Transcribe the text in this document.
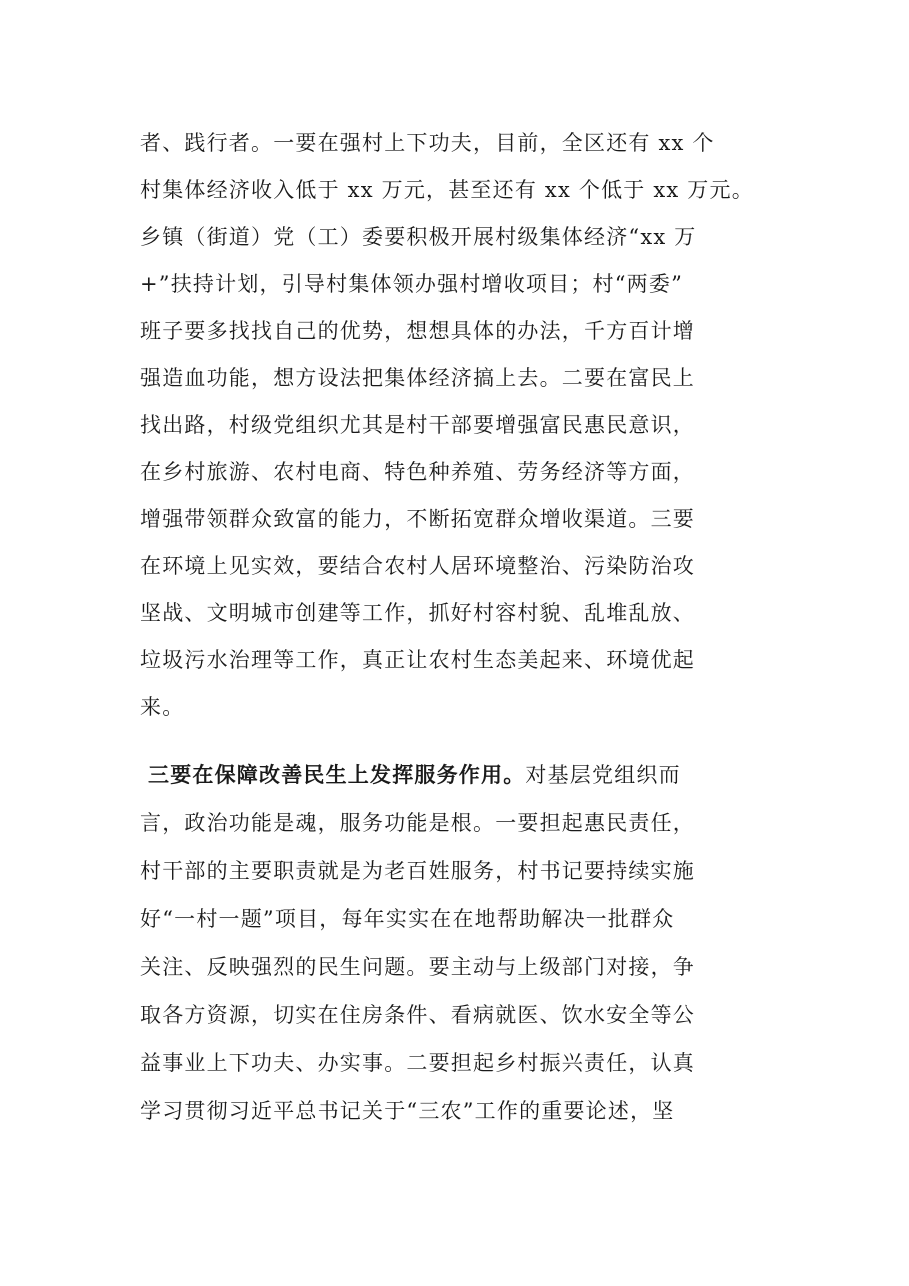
者、践行者。一要在强村上下功夫，目前，全区还有 xx 个
村集体经济收入低于 xx 万元，甚至还有 xx 个低于 xx 万元。
乡镇（街道）党（工）委要积极开展村级集体经济“xx 万
+”扶持计划，引导村集体领办强村增收项目；村“两委”
班子要多找找自己的优势，想想具体的办法，千方百计增
强造血功能，想方设法把集体经济搞上去。二要在富民上
找出路，村级党组织尤其是村干部要增强富民惠民意识，
在乡村旅游、农村电商、特色种养殖、劳务经济等方面，
增强带领群众致富的能力，不断拓宽群众增收渠道。三要
在环境上见实效，要结合农村人居环境整治、污染防治攻
坚战、文明城市创建等工作，抓好村容村貌、乱堆乱放、
垃圾污水治理等工作，真正让农村生态美起来、环境优起
来。
三要在保障改善民生上发挥服务作用。对基层党组织而
言，政治功能是魂，服务功能是根。一要担起惠民责任，
村干部的主要职责就是为老百姓服务，村书记要持续实施
好“一村一题”项目，每年实实在在地帮助解决一批群众
关注、反映强烈的民生问题。要主动与上级部门对接，争
取各方资源，切实在住房条件、看病就医、饮水安全等公
益事业上下功夫、办实事。二要担起乡村振兴责任，认真
学习贯彻习近平总书记关于“三农”工作的重要论述，坚
